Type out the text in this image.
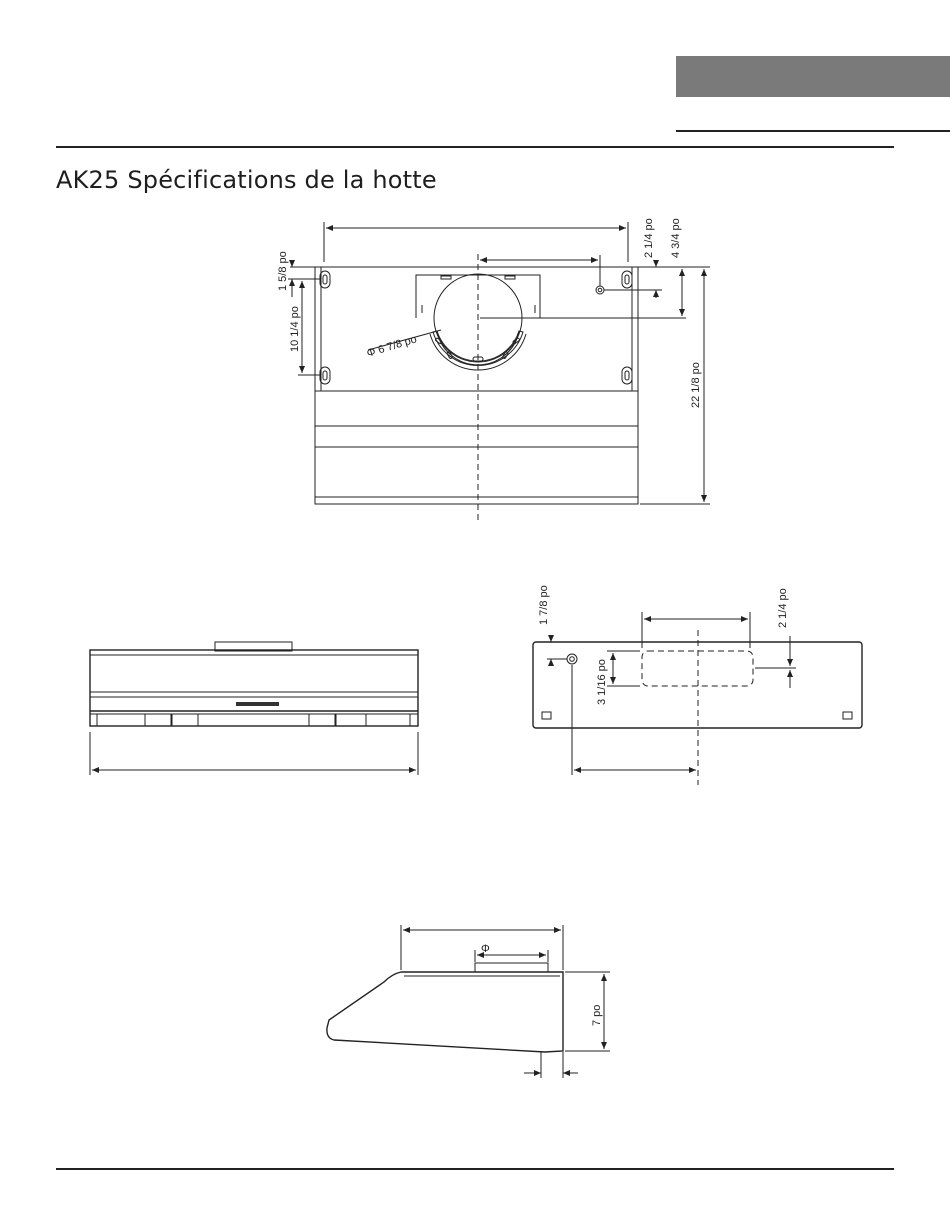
AK25 Spécifications de la hotte
1 5/8 po
10 1/4 po	Φ 6 7/8 po
2 1/4 po 4 3/4 po
22 1/8 po
1 7/8 po
3 1/16 po
2 1/4 po
Φ
7 po
